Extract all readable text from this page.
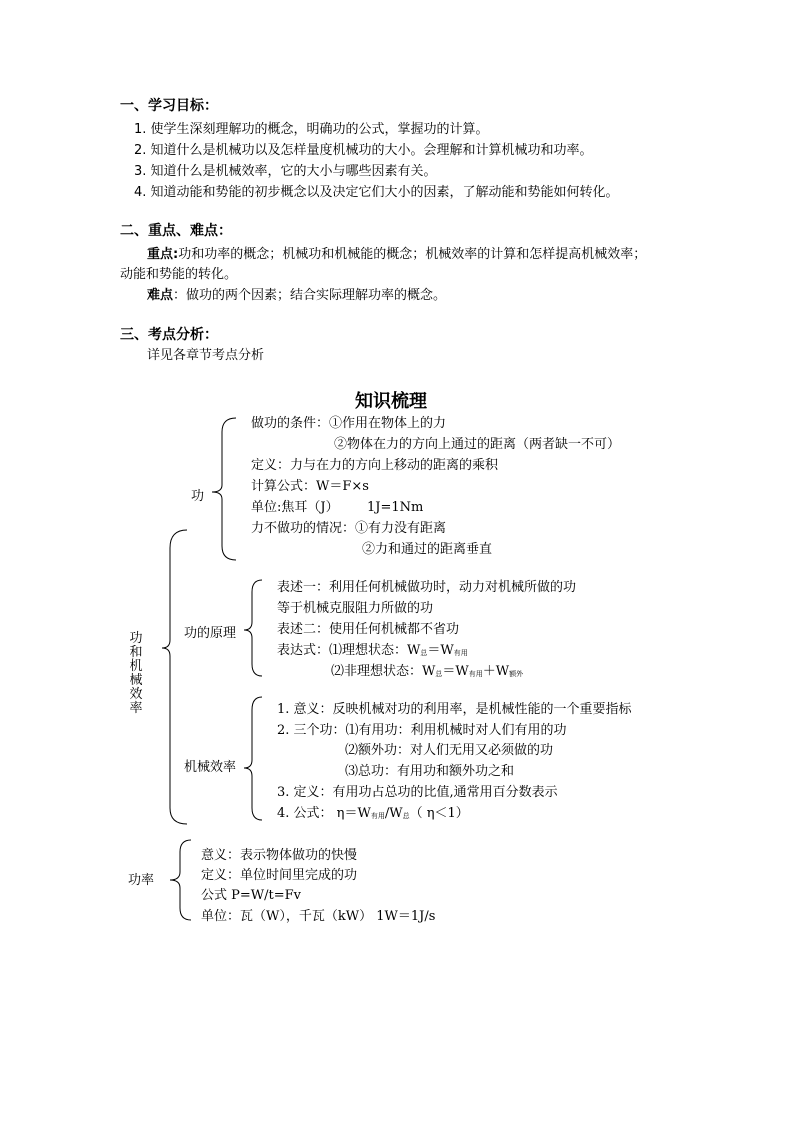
一、学习目标：
1. 使学生深刻理解功的概念，明确功的公式，掌握功的计算。
2. 知道什么是机械功以及怎样量度机械功的大小。会理解和计算机械功和功率。
3. 知道什么是机械效率，它的大小与哪些因素有关。
4. 知道动能和势能的初步概念以及决定它们大小的因素，了解动能和势能如何转化。
二、重点、难点：
重点:功和功率的概念；机械功和机械能的概念；机械效率的计算和怎样提高机械效率；
动能和势能的转化。
难点：做功的两个因素；结合实际理解功率的概念。
三、考点分析：
详见各章节考点分析
知识梳理
功
和
机
械
效
率
功
做功的条件：①作用在物体上的力
②物体在力的方向上通过的距离（两者缺一不可）
定义：力与在力的方向上移动的距离的乘积
计算公式：W＝F×s
单位:焦耳（J） 1J=1Nm
力不做功的情况：①有力没有距离
②力和通过的距离垂直
功的原理
表述一：利用任何机械做功时，动力对机械所做的功
等于机械克服阻力所做的功
表述二：使用任何机械都不省功
表达式：⑴理想状态：$W_总=W_{有用}$
⑵非理想状态：$W_总=W_{有用}+W_{额外}$
机械效率
1. 意义：反映机械对功的利用率，是机械性能的一个重要指标
2. 三个功：⑴有用功：利用机械时对人们有用的功
⑵额外功：对人们无用又必须做的功
⑶总功：有用功和额外功之和
3. 定义：有用功占总功的比值,通常用百分数表示
4. 公式： $\eta=W_{有用}/W_总$（ η＜1）
功率
意义：表示物体做功的快慢
定义：单位时间里完成的功
公式 P=W/t=Fv
单位：瓦（W），千瓦（kW） 1W＝1J/s
